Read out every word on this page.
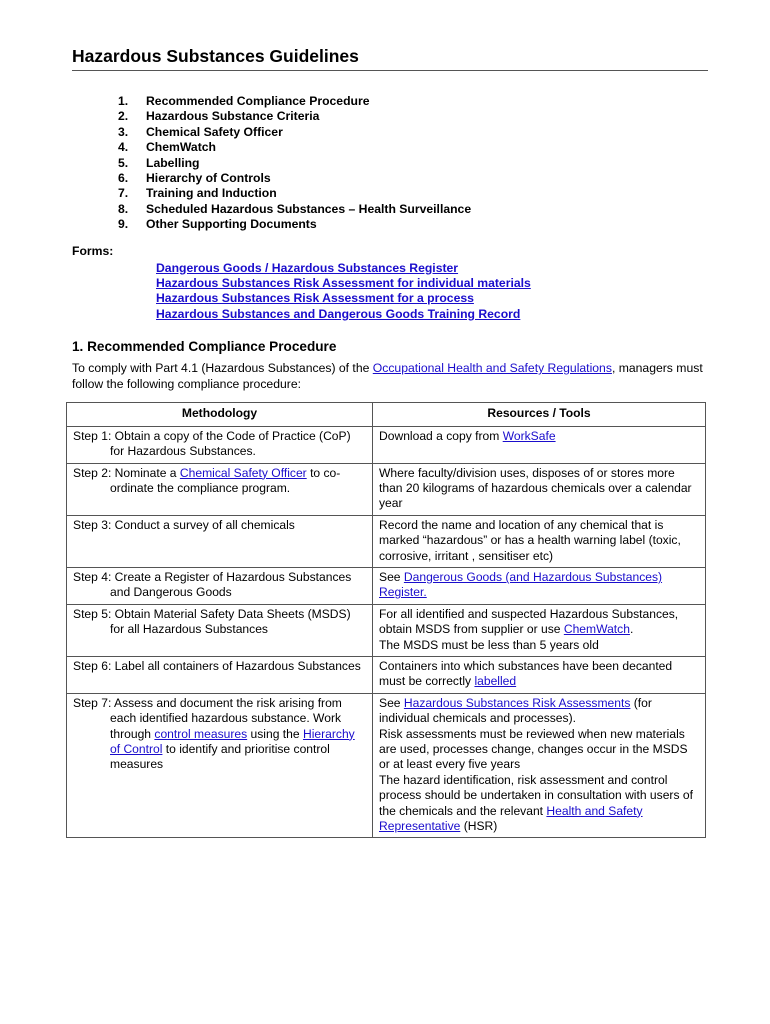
Hazardous Substances Guidelines
1. Recommended Compliance Procedure
2. Hazardous Substance Criteria
3. Chemical Safety Officer
4. ChemWatch
5. Labelling
6. Hierarchy of Controls
7. Training and Induction
8. Scheduled Hazardous Substances – Health Surveillance
9. Other Supporting Documents
Forms:
Dangerous Goods / Hazardous Substances Register
Hazardous Substances Risk Assessment for individual materials
Hazardous Substances Risk Assessment for a process
Hazardous Substances and Dangerous Goods Training Record
1. Recommended Compliance Procedure

To comply with Part 4.1 (Hazardous Substances) of the Occupational Health and Safety Regulations, managers must follow the following compliance procedure:

Methodology	Resources / Tools

Step 1: Obtain a copy of the Code of Practice (CoP) for Hazardous Substances.	Download a copy from WorkSafe

Step 2: Nominate a Chemical Safety Officer to co-ordinate the compliance program.	Where faculty/division uses, disposes of or stores more than 20 kilograms of hazardous chemicals over a calendar year

Step 3: Conduct a survey of all chemicals	Record the name and location of any chemical that is marked “hazardous” or has a health warning label (toxic, corrosive, irritant , sensitiser etc)

Step 4: Create a Register of Hazardous Substances and Dangerous Goods	See Dangerous Goods (and Hazardous Substances) Register.

Step 5: Obtain Material Safety Data Sheets (MSDS) for all Hazardous Substances	For all identified and suspected Hazardous Substances, obtain MSDS from supplier or use ChemWatch.
The MSDS must be less than 5 years old

Step 6: Label all containers of Hazardous Substances	Containers into which substances have been decanted must be correctly labelled

Step 7: Assess and document the risk arising from each identified hazardous substance. Work through control measures using the Hierarchy of Control to identify and prioritise control measures	See Hazardous Substances Risk Assessments (for individual chemicals and processes).
Risk assessments must be reviewed when new materials are used, processes change, changes occur in the MSDS or at least every five years
The hazard identification, risk assessment and control process should be undertaken in consultation with users of the chemicals and the relevant Health and Safety Representative (HSR)
